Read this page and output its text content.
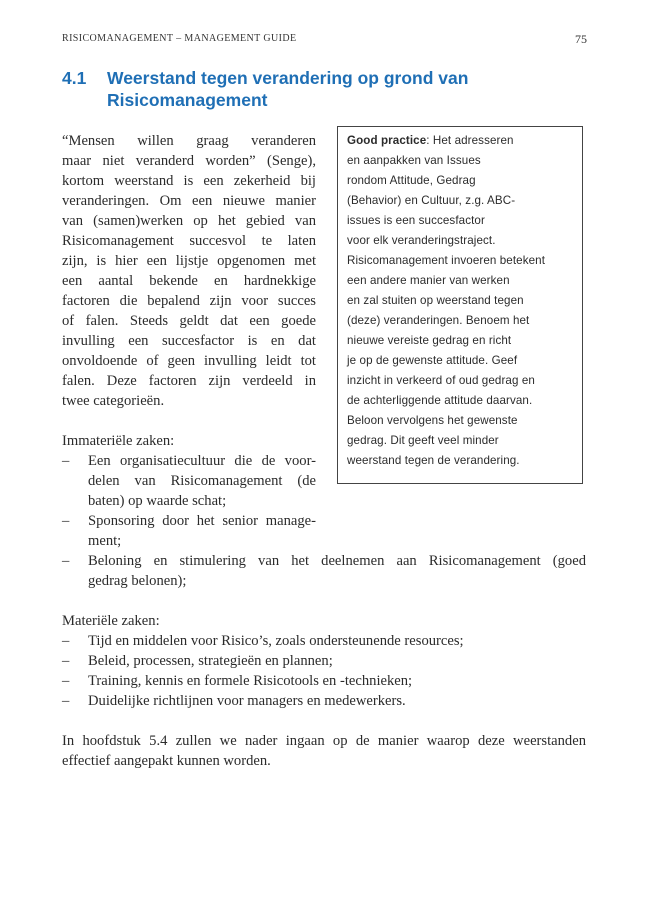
RISICOMANAGEMENT – MANAGEMENT GUIDE	75
4.1 Weerstand tegen verandering op grond van
Risicomanagement
“Mensen willen graag veranderen
maar niet veranderd worden” (Senge),
kortom weerstand is een zekerheid bij
veranderingen. Om een nieuwe manier
van (samen)werken op het gebied van
Risicomanagement succesvol te laten
zijn, is hier een lijstje opgenomen met
een aantal bekende en hardnekkige
factoren die bepalend zijn voor succes
of falen. Steeds geldt dat een goede
invulling een succesfactor is en dat
onvoldoende of geen invulling leidt tot
falen. Deze factoren zijn verdeeld in
twee categorieën.
Good practice: Het adresseren
en aanpakken van Issues
rondom Attitude, Gedrag
(Behavior) en Cultuur, z.g. ABC-
issues is een succesfactor
voor elk veranderingstraject.
Risicomanagement invoeren betekent
een andere manier van werken
en zal stuiten op weerstand tegen
(deze) veranderingen. Benoem het
nieuwe vereiste gedrag en richt
je op de gewenste attitude. Geef
inzicht in verkeerd of oud gedrag en
de achterliggende attitude daarvan.
Beloon vervolgens het gewenste
gedrag. Dit geeft veel minder
weerstand tegen de verandering.
Immateriële zaken:
– Een organisatiecultuur die de voor-
delen van Risicomanagement (de
baten) op waarde schat;
– Sponsoring door het senior manage-
ment;
– Beloning en stimulering van het deelnemen aan Risicomanagement (goed
gedrag belonen);
Materiële zaken:
– Tijd en middelen voor Risico’s, zoals ondersteunende resources;
– Beleid, processen, strategieën en plannen;
– Training, kennis en formele Risicotools en -technieken;
– Duidelijke richtlijnen voor managers en medewerkers.
In hoofdstuk 5.4 zullen we nader ingaan op de manier waarop deze weerstanden
effectief aangepakt kunnen worden.
